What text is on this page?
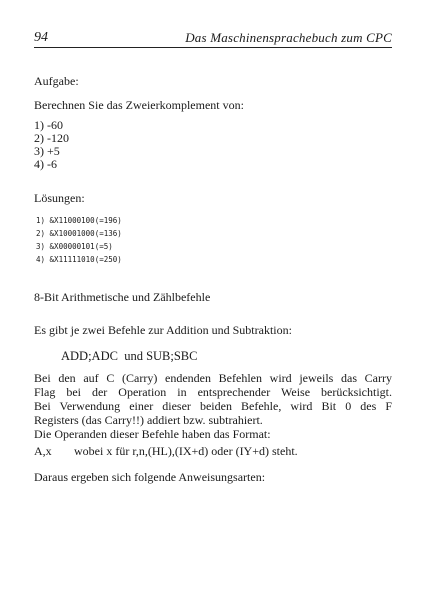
94	Das Maschinensprachebuch zum CPC
Aufgabe:
Berechnen Sie das Zweierkomplement von:
1) -60
2) -120
3) +5
4) -6
Lösungen:
1) &X11000100(=196)
2) &X10001000(=136)
3) &X00000101(=5)
4) &X11111010(=250)
8-Bit Arithmetische und Zählbefehle
Es gibt je zwei Befehle zur Addition und Subtraktion:
ADD;ADC  und SUB;SBC
Bei den auf C (Carry) endenden Befehlen wird jeweils das Carry
Flag bei der Operation in entsprechender Weise berücksichtigt.
Bei Verwendung einer dieser beiden Befehle, wird Bit 0 des F
Registers (das Carry!!) addiert bzw. subtrahiert.
Die Operanden dieser Befehle haben das Format:
A,x wobei x für r,n,(HL),(IX+d) oder (IY+d) steht.
Daraus ergeben sich folgende Anweisungsarten:
